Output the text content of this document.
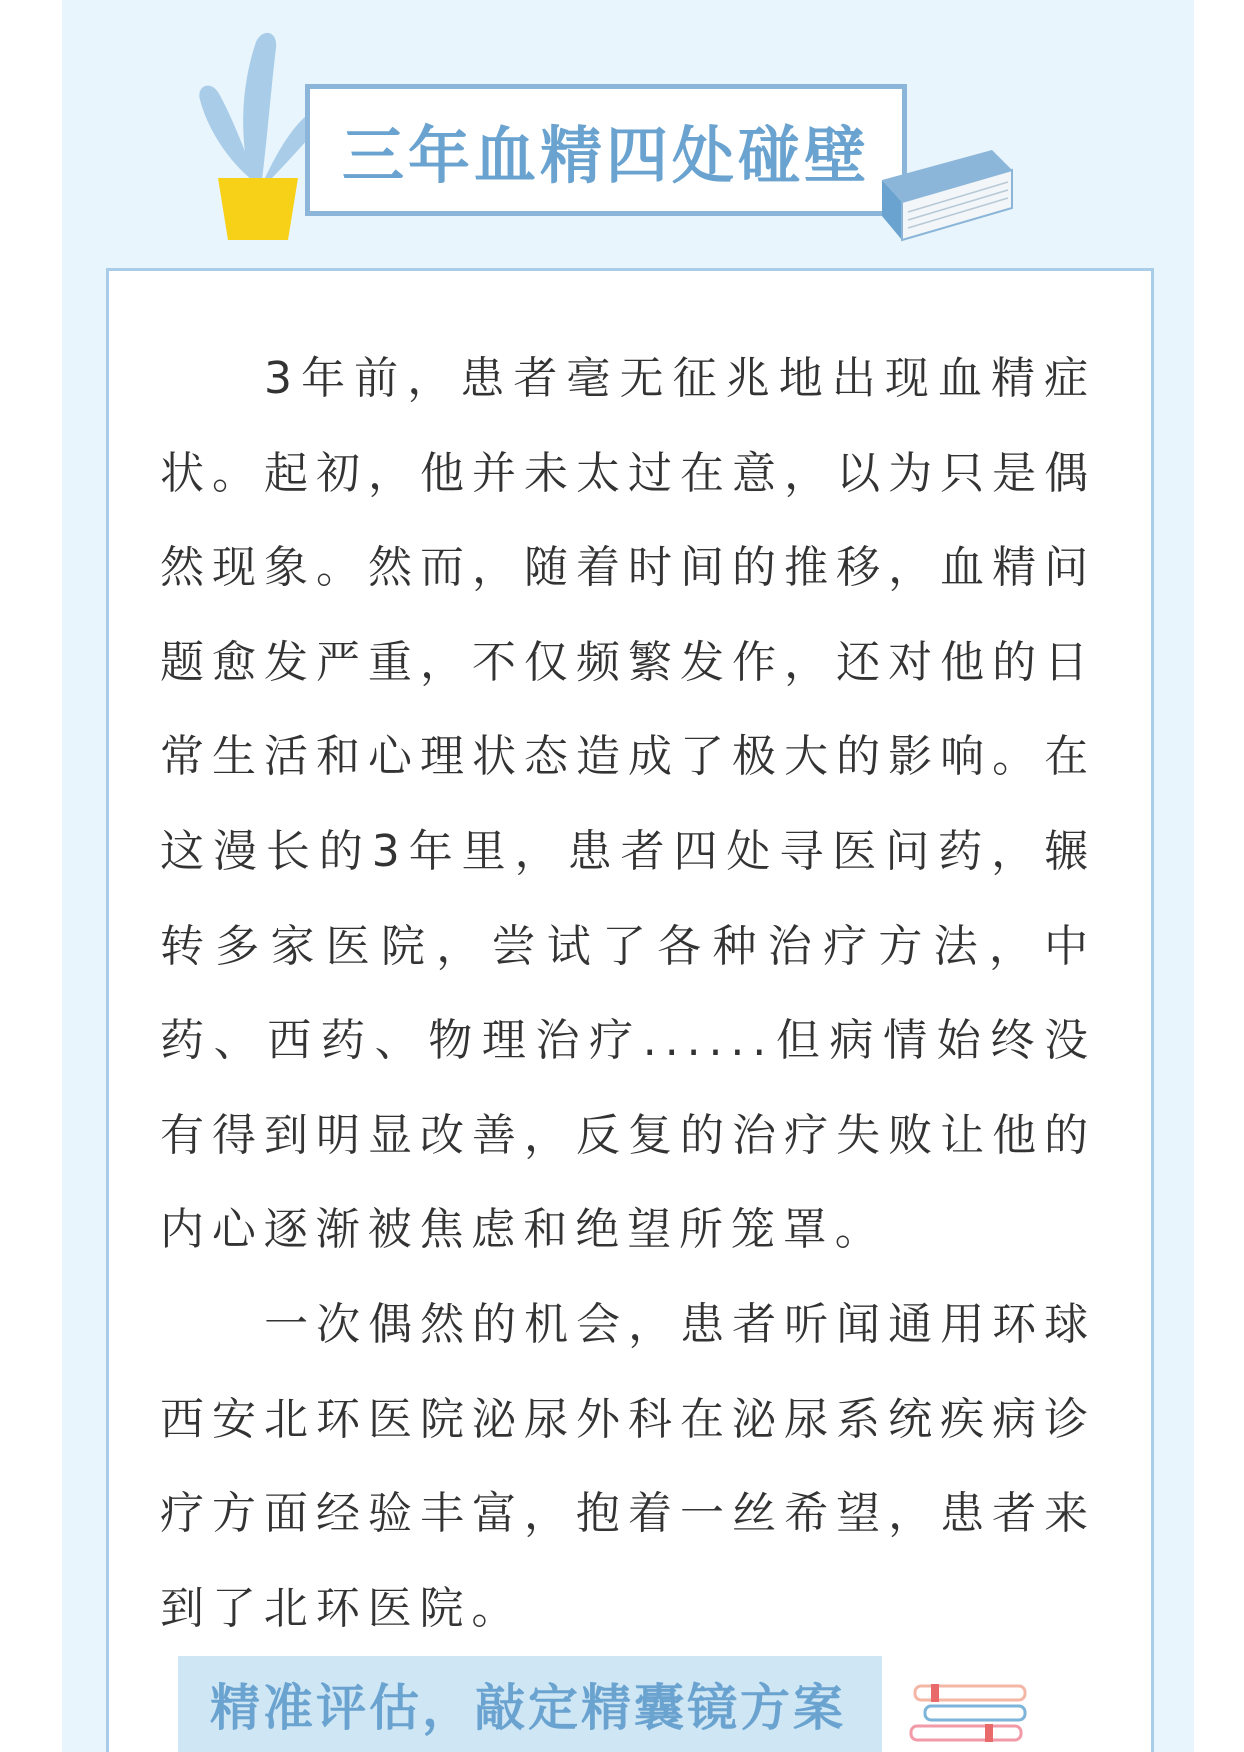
三年血精四处碰壁

3年前，患者毫无征兆地出现血精症状。起初，他并未太过在意，以为只是偶然现象。然而，随着时间的推移，血精问题愈发严重，不仅频繁发作，还对他的日常生活和心理状态造成了极大的影响。在这漫长的3年里，患者四处寻医问药，辗转多家医院，尝试了各种治疗方法，中药、西药、物理治疗......但病情始终没有得到明显改善，反复的治疗失败让他的内心逐渐被焦虑和绝望所笼罩。

一次偶然的机会，患者听闻通用环球西安北环医院泌尿外科在泌尿系统疾病诊疗方面经验丰富，抱着一丝希望，患者来到了北环医院。

精准评估，敲定精囊镜方案
